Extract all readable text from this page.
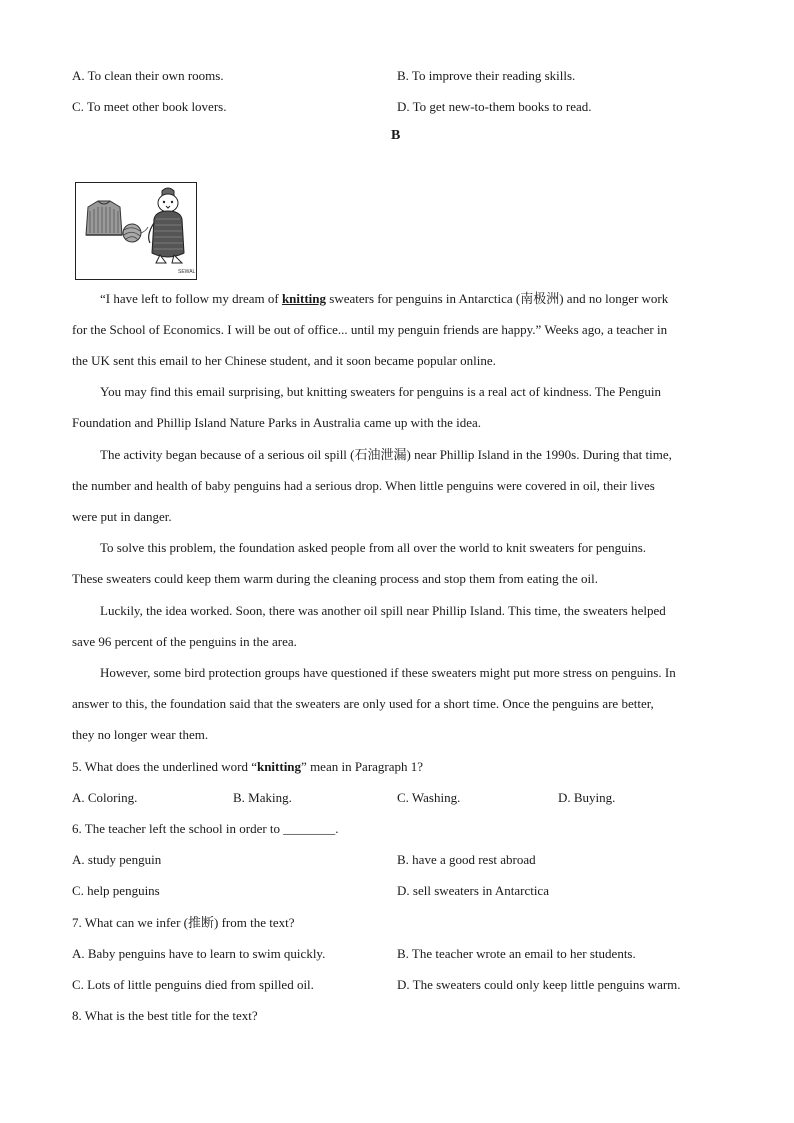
A. To clean their own rooms.	B. To improve their reading skills.
C. To meet other book lovers.	D. To get new-to-them books to read.
B
SEWAL
“I have left to follow my dream of knitting sweaters for penguins in Antarctica (南极洲) and no longer work
for the School of Economics. I will be out of office... until my penguin friends are happy.” Weeks ago, a teacher in
the UK sent this email to her Chinese student, and it soon became popular online.
You may find this email surprising, but knitting sweaters for penguins is a real act of kindness. The Penguin
Foundation and Phillip Island Nature Parks in Australia came up with the idea.
The activity began because of a serious oil spill (石油泄漏) near Phillip Island in the 1990s. During that time,
the number and health of baby penguins had a serious drop. When little penguins were covered in oil, their lives
were put in danger.
To solve this problem, the foundation asked people from all over the world to knit sweaters for penguins.
These sweaters could keep them warm during the cleaning process and stop them from eating the oil.
Luckily, the idea worked. Soon, there was another oil spill near Phillip Island. This time, the sweaters helped
save 96 percent of the penguins in the area.
However, some bird protection groups have questioned if these sweaters might put more stress on penguins. In
answer to this, the foundation said that the sweaters are only used for a short time. Once the penguins are better,
they no longer wear them.
5. What does the underlined word “knitting” mean in Paragraph 1?
A. Coloring.	B. Making.	C. Washing.	D. Buying.
6. The teacher left the school in order to ________.
A. study penguin	B. have a good rest abroad
C. help penguins	D. sell sweaters in Antarctica
7. What can we infer (推断) from the text?
A. Baby penguins have to learn to swim quickly.	B. The teacher wrote an email to her students.
C. Lots of little penguins died from spilled oil.	D. The sweaters could only keep little penguins warm.
8. What is the best title for the text?
